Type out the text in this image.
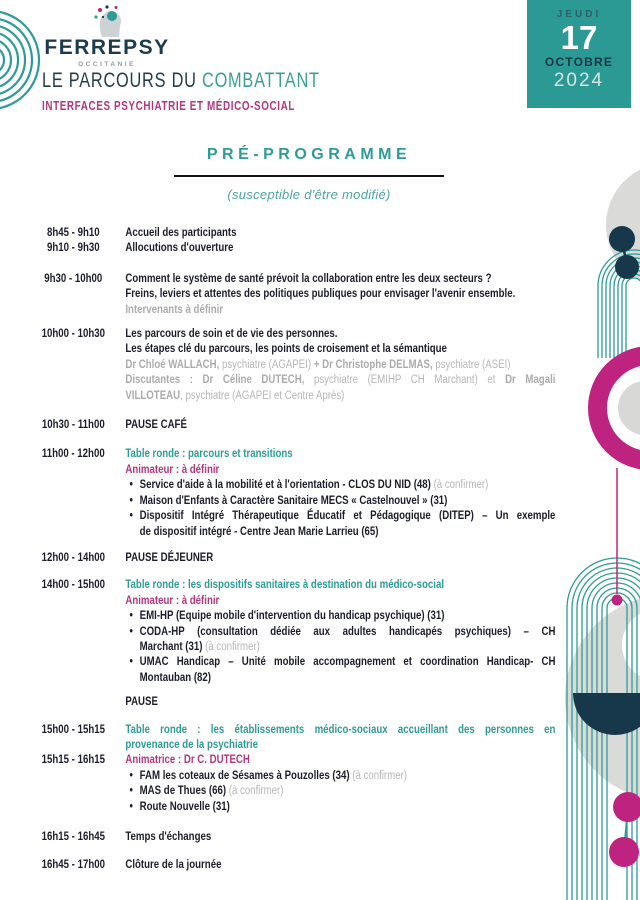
FERREPSY
OCCITANIE
LE PARCOURS DU COMBATTANT
INTERFACES PSYCHIATRIE ET MÉDICO-SOCIAL
JEUDI
17
OCTOBRE
2024
PRÉ-PROGRAMME
(susceptible d'être modifié)
8h45 - 9h10	Accueil des participants
9h10 - 9h30	Allocutions d'ouverture
9h30 - 10h00	Comment le système de santé prévoit la collaboration entre les deux secteurs ?
Freins, leviers et attentes des politiques publiques pour envisager l'avenir ensemble.
Intervenants à définir
10h00 - 10h30	Les parcours de soin et de vie des personnes.
Les étapes clé du parcours, les points de croisement et la sémantique
Dr Chloé WALLACH, psychiatre (AGAPEI) + Dr Christophe DELMAS, psychiatre (ASEI)
Discutantes : Dr Céline DUTECH, psychiatre (EMIHP CH Marchant) et Dr Magali
VILLOTEAU, psychiatre (AGAPEI et Centre Après)
10h30 - 11h00	PAUSE CAFÉ
11h00 - 12h00	Table ronde : parcours et transitions
Animateur : à définir
• Service d'aide à la mobilité et à l'orientation - CLOS DU NID (48) (à confirmer)
• Maison d'Enfants à Caractère Sanitaire MECS « Castelnouvel » (31)
• Dispositif Intégré Thérapeutique Éducatif et Pédagogique (DITEP) – Un exemple
de dispositif intégré - Centre Jean Marie Larrieu (65)
12h00 - 14h00	PAUSE DÉJEUNER
14h00 - 15h00	Table ronde : les dispositifs sanitaires à destination du médico-social
Animateur : à définir
• EMI-HP (Equipe mobile d'intervention du handicap psychique) (31)
• CODA-HP (consultation dédiée aux adultes handicapés psychiques) – CH
Marchant (31) (à confirmer)
• UMAC Handicap – Unité mobile accompagnement et coordination Handicap- CH
Montauban (82)
PAUSE
15h00 - 15h15	Table ronde : les établissements médico-sociaux accueillant des personnes en
provenance de la psychiatrie
15h15 - 16h15	Animatrice : Dr C. DUTECH
• FAM les coteaux de Sésames à Pouzolles (34) (à confirmer)
• MAS de Thues (66) (à confirmer)
• Route Nouvelle (31)
16h15 - 16h45	Temps d'échanges
16h45 - 17h00	Clôture de la journée
